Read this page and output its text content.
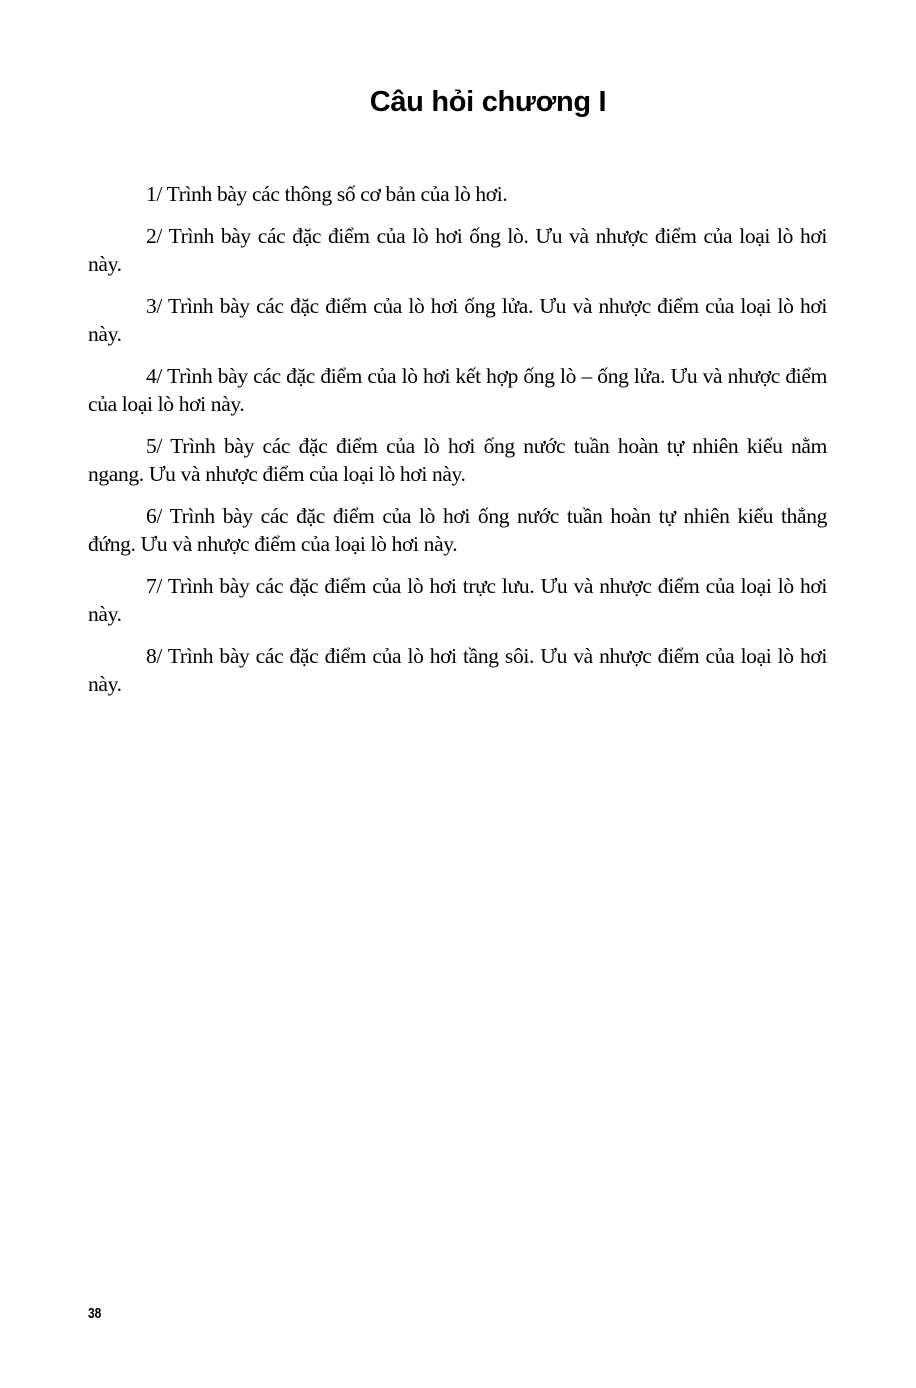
Câu hỏi chương I

1/ Trình bày các thông số cơ bản của lò hơi.

2/ Trình bày các đặc điểm của lò hơi ống lò. Ưu và nhược điểm của loại lò hơi này.

3/ Trình bày các đặc điểm của lò hơi ống lửa. Ưu và nhược điểm của loại lò hơi này.

4/ Trình bày các đặc điểm của lò hơi kết hợp ống lò – ống lửa. Ưu và nhược điểm của loại lò hơi này.

5/ Trình bày các đặc điểm của lò hơi ống nước tuần hoàn tự nhiên kiểu nằm ngang. Ưu và nhược điểm của loại lò hơi này.

6/ Trình bày các đặc điểm của lò hơi ống nước tuần hoàn tự nhiên kiểu thẳng đứng. Ưu và nhược điểm của loại lò hơi này.

7/ Trình bày các đặc điểm của lò hơi trực lưu. Ưu và nhược điểm của loại lò hơi này.

8/ Trình bày các đặc điểm của lò hơi tầng sôi. Ưu và nhược điểm của loại lò hơi này.

38
